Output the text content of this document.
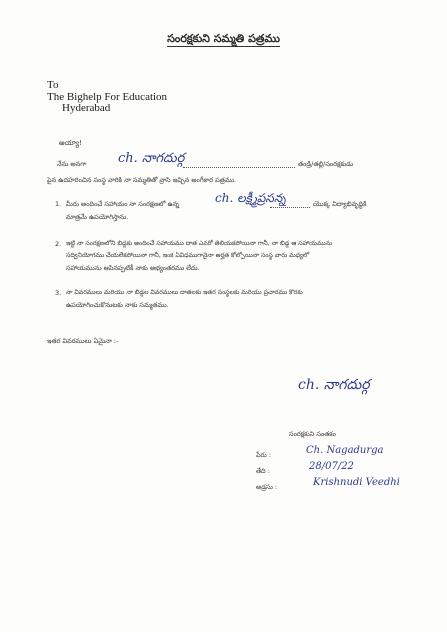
సంరక్షకుని సమ్మతి పత్రము
To
The Bighelp For Education
Hyderabad
అయ్యా!
నేను అనగా ch. నాగదుర్గ	తండ్రి/తల్లి/సంరక్షకుడు
పైన ఉదహరించిన సంస్థ వారికి నా సమ్మతితో వ్రాసి ఇచ్చిన అంగీకార పత్రము.
1. మీరు అందించే సహాయం నా సంరక్షణలో ఉన్న	ch. లక్ష్మీప్రసన్న	యొక్క విద్యాభివృద్ధికి
మాత్రమే ఉపయోగిస్తాను.
2. ఇట్టి నా సంరక్షణలోని బిడ్డకు అందించే సహాయము దాత ఎవరో తెలియకపోయినా గానీ, నా బిడ్డ ఆ సహాయమును
సద్వినియోగము చేయలేకపోయినా గానీ, ఇంక ఏవిధముగానైనా అర్హత కోల్పోయినా సంస్థ వారు మధ్యలో
సహాయమును ఆపినప్పటికీ నాకు అభ్యంతరము లేదు.
3. నా వివరములు మరియు నా బిడ్డల వివరములు దాతలకు ఇతర సంస్థలకు మరియు ప్రచారము కొరకు
ఉపయోగించుకొనుటకు నాకు సమ్మతము.
ఇతర వివరములు ఏమైనా :-
ch. నాగదుర్గ
సంరక్షకుని సంతకం
పేరు :	Ch. Nagadurga
తేది :	28/07/22
అడ్రసు :	Krishnudi Veedhi
